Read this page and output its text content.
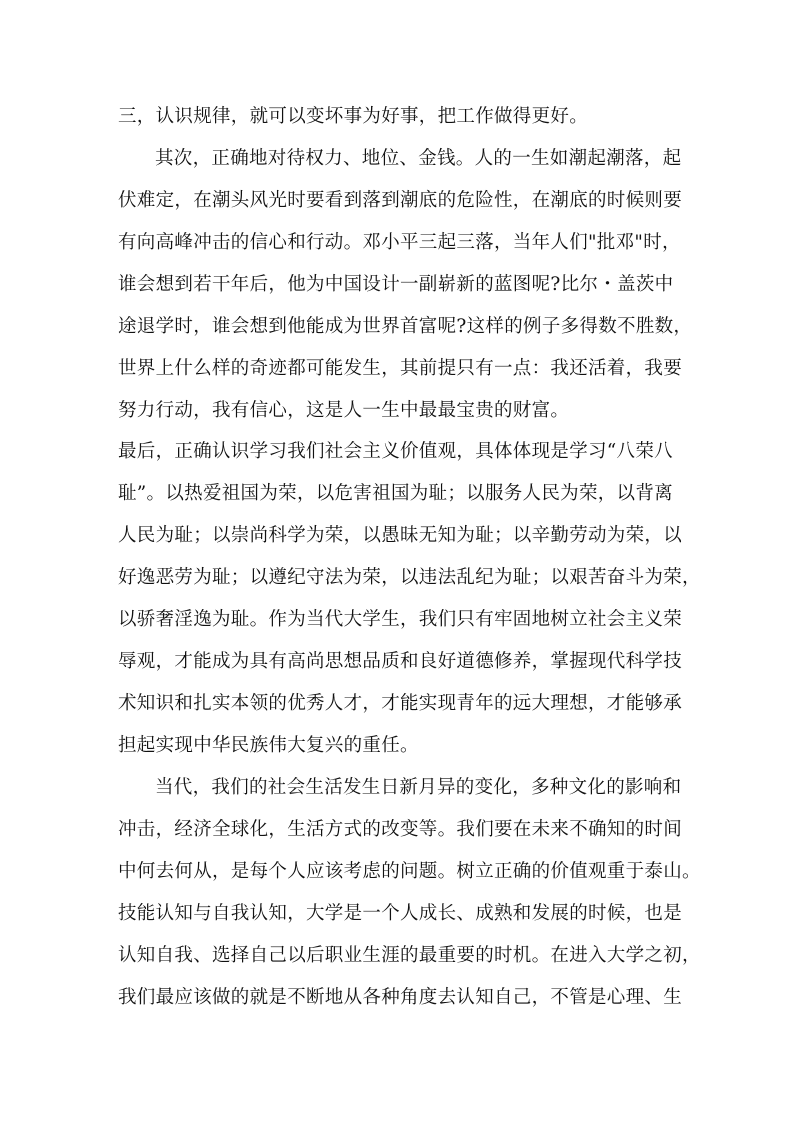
三，认识规律，就可以变坏事为好事，把工作做得更好。
其次，正确地对待权力、地位、金钱。人的一生如潮起潮落，起
伏难定，在潮头风光时要看到落到潮底的危险性，在潮底的时候则要
有向高峰冲击的信心和行动。邓小平三起三落，当年人们"批邓"时，
谁会想到若干年后，他为中国设计一副崭新的蓝图呢?比尔・盖茨中
途退学时，谁会想到他能成为世界首富呢?这样的例子多得数不胜数，
世界上什么样的奇迹都可能发生，其前提只有一点：我还活着，我要
努力行动，我有信心，这是人一生中最最宝贵的财富。
最后，正确认识学习我们社会主义价值观，具体体现是学习“八荣八
耻”。以热爱祖国为荣，以危害祖国为耻；以服务人民为荣，以背离
人民为耻；以崇尚科学为荣，以愚昧无知为耻；以辛勤劳动为荣，以
好逸恶劳为耻；以遵纪守法为荣，以违法乱纪为耻；以艰苦奋斗为荣，
以骄奢淫逸为耻。作为当代大学生，我们只有牢固地树立社会主义荣
辱观，才能成为具有高尚思想品质和良好道德修养，掌握现代科学技
术知识和扎实本领的优秀人才，才能实现青年的远大理想，才能够承
担起实现中华民族伟大复兴的重任。
当代，我们的社会生活发生日新月异的变化，多种文化的影响和
冲击，经济全球化，生活方式的改变等。我们要在未来不确知的时间
中何去何从，是每个人应该考虑的问题。树立正确的价值观重于泰山。
技能认知与自我认知，大学是一个人成长、成熟和发展的时候，也是
认知自我、选择自己以后职业生涯的最重要的时机。在进入大学之初，
我们最应该做的就是不断地从各种角度去认知自己，不管是心理、生
